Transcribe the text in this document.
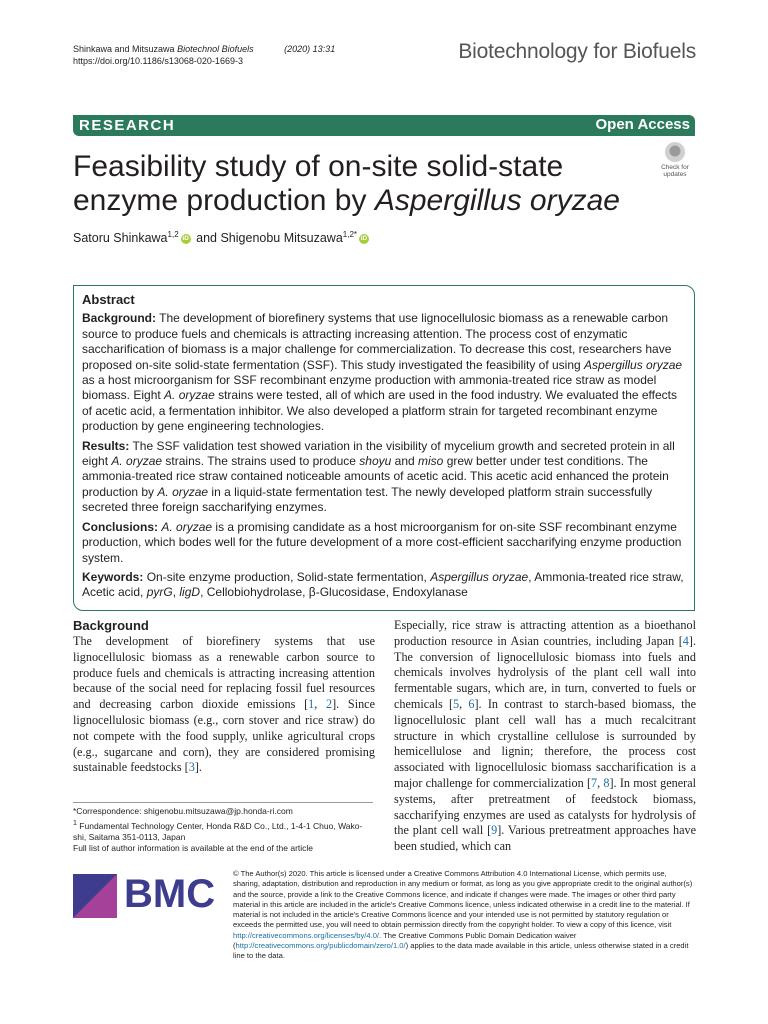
Shinkawa and Mitsuzawa Biotechnol Biofuels	(2020) 13:31
https://doi.org/10.1186/s13068-020-1669-3	Biotechnology for Biofuels
RESEARCH	Open Access
Feasibility study of on-site solid-state enzyme production by Aspergillus oryzae
Check for
updates
Satoru Shinkawa$^{1,2}$ iD and Shigenobu Mitsuzawa$^{1,2*}$ iD
Abstract

Background: The development of biorefinery systems that use lignocellulosic biomass as a renewable carbon source to produce fuels and chemicals is attracting increasing attention. The process cost of enzymatic saccharification of biomass is a major challenge for commercialization. To decrease this cost, researchers have proposed on-site solid-state fermentation (SSF). This study investigated the feasibility of using Aspergillus oryzae as a host microorganism for SSF recombinant enzyme production with ammonia-treated rice straw as model biomass. Eight A. oryzae strains were tested, all of which are used in the food industry. We evaluated the effects of acetic acid, a fermentation inhibitor. We also developed a platform strain for targeted recombinant enzyme production by gene engineering technologies.

Results: The SSF validation test showed variation in the visibility of mycelium growth and secreted protein in all eight A. oryzae strains. The strains used to produce shoyu and miso grew better under test conditions. The ammonia-treated rice straw contained noticeable amounts of acetic acid. This acetic acid enhanced the protein production by A. oryzae in a liquid-state fermentation test. The newly developed platform strain successfully secreted three foreign saccharifying enzymes.

Conclusions: A. oryzae is a promising candidate as a host microorganism for on-site SSF recombinant enzyme production, which bodes well for the future development of a more cost-efficient saccharifying enzyme production system.

Keywords: On-site enzyme production, Solid-state fermentation, Aspergillus oryzae, Ammonia-treated rice straw, Acetic acid, pyrG, ligD, Cellobiohydrolase, β-Glucosidase, Endoxylanase

Background
The development of biorefinery systems that use lignocellulosic biomass as a renewable carbon source to produce fuels and chemicals is attracting increasing attention because of the social need for replacing fossil fuel resources and decreasing carbon dioxide emissions [1, 2]. Since lignocellulosic biomass (e.g., corn stover and rice straw) do not compete with the food supply, unlike agricultural crops (e.g., sugarcane and corn), they are considered promising sustainable feedstocks [3].
Especially, rice straw is attracting attention as a bioethanol production resource in Asian countries, including Japan [4]. The conversion of lignocellulosic biomass into fuels and chemicals involves hydrolysis of the plant cell wall into fermentable sugars, which are, in turn, converted to fuels or chemicals [5, 6]. In contrast to starch-based biomass, the lignocellulosic plant cell wall has a much recalcitrant structure in which crystalline cellulose is surrounded by hemicellulose and lignin; therefore, the process cost associated with lignocellulosic biomass saccharification is a major challenge for commercialization [7, 8]. In most general systems, after pretreatment of feedstock biomass, saccharifying enzymes are used as catalysts for hydrolysis of the plant cell wall [9]. Various pretreatment approaches have been studied, which can
*Correspondence: shigenobu.mitsuzawa@jp.honda-ri.com
$^1$ Fundamental Technology Center, Honda R&D Co., Ltd., 1-4-1 Chuo, Wako-shi, Saitama 351-0113, Japan
Full list of author information is available at the end of the article
BMC © The Author(s) 2020. This article is licensed under a Creative Commons Attribution 4.0 International License, which permits use, sharing, adaptation, distribution and reproduction in any medium or format, as long as you give appropriate credit to the original author(s) and the source, provide a link to the Creative Commons licence, and indicate if changes were made. The images or other third party material in this article are included in the article's Creative Commons licence, unless indicated otherwise in a credit line to the material. If material is not included in the article's Creative Commons licence and your intended use is not permitted by statutory regulation or exceeds the permitted use, you will need to obtain permission directly from the copyright holder. To view a copy of this licence, visit http://creativecommons.org/licenses/by/4.0/. The Creative Commons Public Domain Dedication waiver (http://creativecommons.org/publicdomain/zero/1.0/) applies to the data made available in this article, unless otherwise stated in a credit line to the data.
